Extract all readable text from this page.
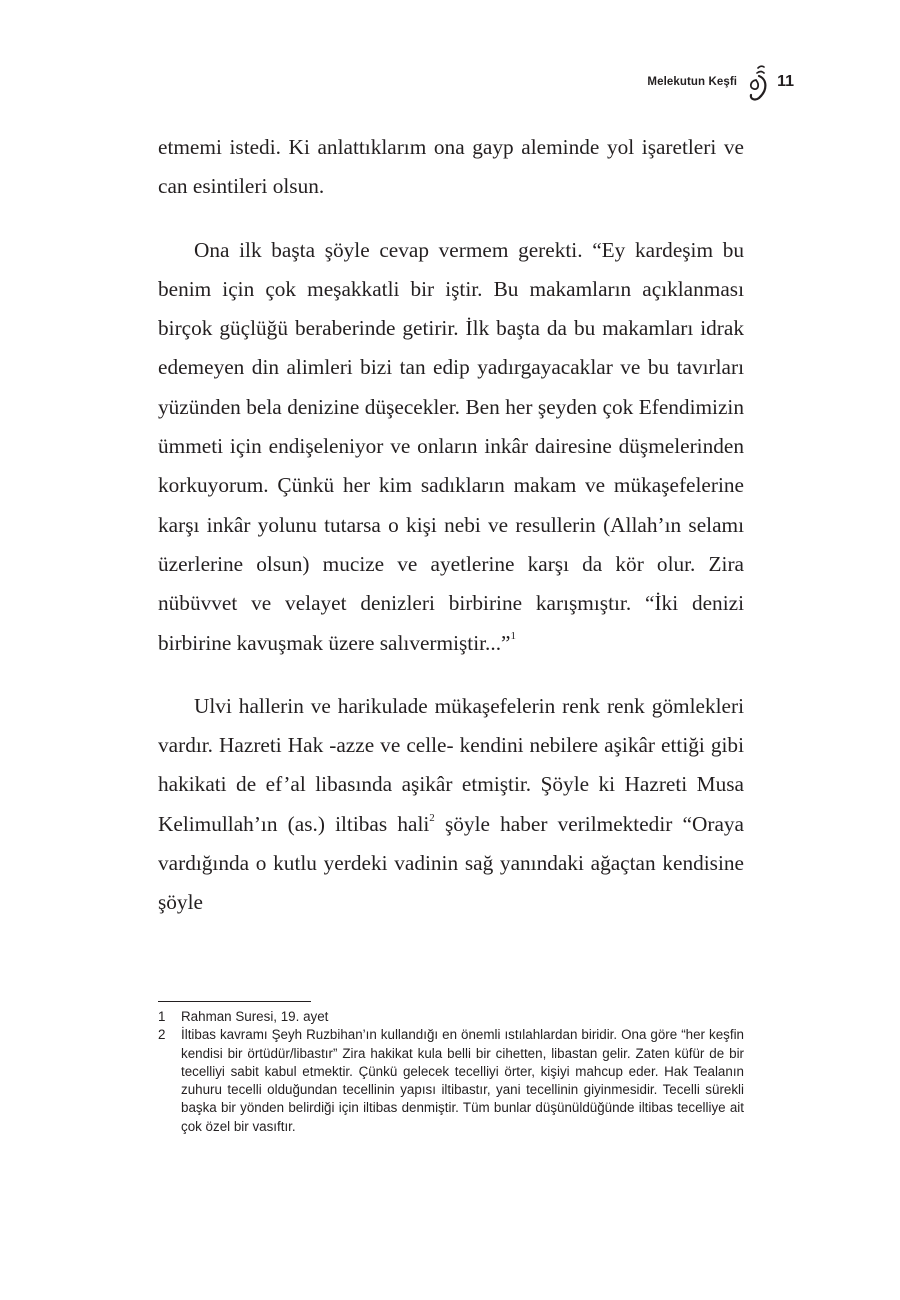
Melekutun Keşfi	11

etmemi istedi. Ki anlattıklarım ona gayp aleminde yol işaretleri ve can esintileri olsun.

Ona ilk başta şöyle cevap vermem gerekti. “Ey kardeşim bu benim için çok meşakkatli bir iştir. Bu makamların açıklanması birçok güçlüğü beraberinde getirir. İlk başta da bu makamları idrak edemeyen din alimleri bizi tan edip yadırgayacaklar ve bu tavırları yüzünden bela denizine düşecekler. Ben her şeyden çok Efendimizin ümmeti için endişeleniyor ve onların inkâr dairesine düşmelerinden korkuyorum. Çünkü her kim sadıkların makam ve mükaşefelerine karşı inkâr yolunu tutarsa o kişi nebi ve resullerin (Allah’ın selamı üzerlerine olsun) mucize ve ayetlerine karşı da kör olur. Zira nübüvvet ve velayet denizleri birbirine karışmıştır. “İki denizi birbirine kavuşmak üzere salıvermiştir...”$^1$

Ulvi hallerin ve harikulade mükaşefelerin renk renk gömlekleri vardır. Hazreti Hak -azze ve celle- kendini nebilere aşikâr ettiği gibi hakikati de ef’al libasında aşikâr etmiştir. Şöyle ki Hazreti Musa Kelimullah’ın (as.) iltibas hali$^2$ şöyle haber verilmektedir “Oraya vardığında o kutlu yerdeki vadinin sağ yanındaki ağaçtan kendisine şöyle

1	Rahman Suresi, 19. ayet
2	İltibas kavramı Şeyh Ruzbihan’ın kullandığı en önemli ıstılahlardan biridir. Ona göre “her keşfin kendisi bir örtüdür/libastır” Zira hakikat kula belli bir cihetten, libastan gelir. Zaten küfür de bir tecelliyi sabit kabul etmektir. Çünkü gelecek tecelliyi örter, kişiyi mahcup eder. Hak Tealanın zuhuru tecelli olduğundan tecellinin yapısı iltibastır, yani tecellinin giyinmesidir. Tecelli sürekli başka bir yönden belirdiği için iltibas denmiştir. Tüm bunlar düşünüldüğünde iltibas tecelliye ait çok özel bir vasıftır.
